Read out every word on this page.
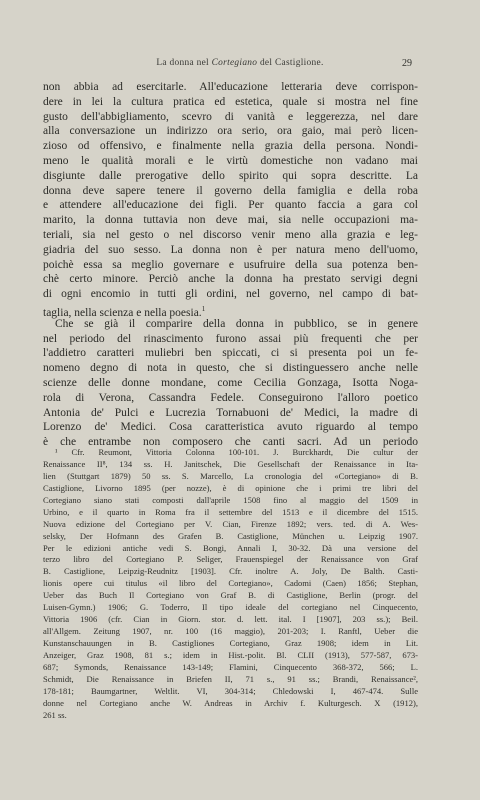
La donna nel Cortegiano del Castiglione.	29
non abbia ad esercitarle. All'educazione letteraria deve corrispon-
dere in lei la cultura pratica ed estetica, quale si mostra nel fine
gusto dell'abbigliamento, scevro di vanità e leggerezza, nel dare
alla conversazione un indirizzo ora serio, ora gaio, mai però licen-
zioso od offensivo, e finalmente nella grazia della persona. Nondi-
meno le qualità morali e le virtù domestiche non vadano mai
disgiunte dalle prerogative dello spirito qui sopra descritte. La
donna deve sapere tenere il governo della famiglia e della roba
e attendere all'educazione dei figli. Per quanto faccia a gara col
marito, la donna tuttavia non deve mai, sia nelle occupazioni ma-
teriali, sia nel gesto o nel discorso venir meno alla grazia e leg-
giadria del suo sesso. La donna non è per natura meno dell'uomo,
poichè essa sa meglio governare e usufruire della sua potenza ben-
chè certo minore. Perciò anche la donna ha prestato servigi degni
di ogni encomio in tutti gli ordini, nel governo, nel campo di bat-
taglia, nella scienza e nella poesia.$^1$
Che se già il comparire della donna in pubblico, se in genere
nel periodo del rinascimento furono assai più frequenti che per
l'addietro caratteri muliebri ben spiccati, ci si presenta poi un fe-
nomeno degno di nota in questo, che si distinguessero anche nelle
scienze delle donne mondane, come Cecilia Gonzaga, Isotta Noga-
rola di Verona, Cassandra Fedele. Conseguirono l'alloro poetico
Antonia de' Pulci e Lucrezia Tornabuoni de' Medici, la madre di
Lorenzo de' Medici. Cosa caratteristica avuto riguardo al tempo
è che entrambe non composero che canti sacri. Ad un periodo
¹ Cfr. Reumont, Vittoria Colonna 100-101. J. Burckhardt, Die cultur der
Renaissance II⁸, 134 ss. H. Janitschek, Die Gesellschaft der Renaissance in Ita-
lien (Stuttgart 1879) 50 ss. S. Marcello, La cronologia del «Cortegiano» di B.
Castiglione, Livorno 1895 (per nozze), è di opinione che i primi tre libri del
Cortegiano siano stati composti dall'aprile 1508 fino al maggio del 1509 in
Urbino, e il quarto in Roma fra il settembre del 1513 e il dicembre del 1515.
Nuova edizione del Cortegiano per V. Cian, Firenze 1892; vers. ted. di A. Wes-
selsky, Der Hofmann des Grafen B. Castiglione, München u. Leipzig 1907.
Per le edizioni antiche vedi S. Bongi, Annali I, 30-32. Dà una versione del
terzo libro del Cortegiano P. Seliger, Frauenspiegel der Renaissance von Graf
B. Castiglione, Leipzig-Reudnitz [1903]. Cfr. inoltre A. Joly, De Balth. Casti-
lionis opere cui titulus «il libro del Cortegiano», Cadomi (Caen) 1856; Stephan,
Ueber das Buch Il Cortegiano von Graf B. di Castiglione, Berlin (progr. del
Luisen-Gymn.) 1906; G. Toderro, Il tipo ideale del cortegiano nel Cinquecento,
Vittoria 1906 (cfr. Cian in Giorn. stor. d. lett. ital. I [1907], 203 ss.); Beil.
all'Allgem. Zeitung 1907, nr. 100 (16 maggio), 201-203; I. Ranftl, Ueber die
Kunstanschauungen in B. Castigliones Cortegiano, Graz 1908; idem in Lit.
Anzeiger, Graz 1908, 81 s.; idem in Hist.-polit. Bl. CLII (1913), 577-587, 673-
687; Symonds, Renaissance 143-149; Flamini, Cinquecento 368-372, 566; L.
Schmidt, Die Renaissance in Briefen II, 71 s., 91 ss.; Brandi, Renaissance²,
178-181; Baumgartner, Weltlit. VI, 304-314; Chledowski I, 467-474. Sulle
donne nel Cortegiano anche W. Andreas in Archiv f. Kulturgesch. X (1912),
261 ss.
